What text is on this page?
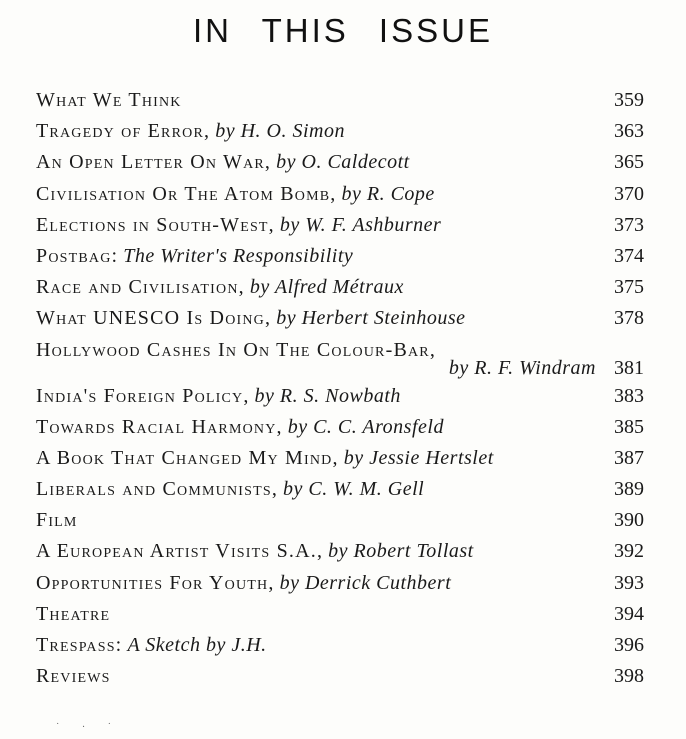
IN THIS ISSUE
What We Think	359
Tragedy of Error, by H. O. Simon	363
An Open Letter On War, by O. Caldecott	365
Civilisation Or The Atom Bomb, by R. Cope	370
Elections in South-West, by W. F. Ashburner	373
Postbag: The Writer's Responsibility	374
Race and Civilisation, by Alfred Métraux	375
What UNESCO Is Doing, by Herbert Steinhouse	378
Hollywood Cashes In On The Colour-Bar,
by R. F. Windram 381
India's Foreign Policy, by R. S. Nowbath	383
Towards Racial Harmony, by C. C. Aronsfeld	385
A Book That Changed My Mind, by Jessie Hertslet	387
Liberals and Communists, by C. W. M. Gell	389
Film	390
A European Artist Visits S.A., by Robert Tollast	392
Opportunities For Youth, by Derrick Cuthbert	393
Theatre	394
Trespass: A Sketch by J.H.	396
Reviews	398
˙ · ˙
